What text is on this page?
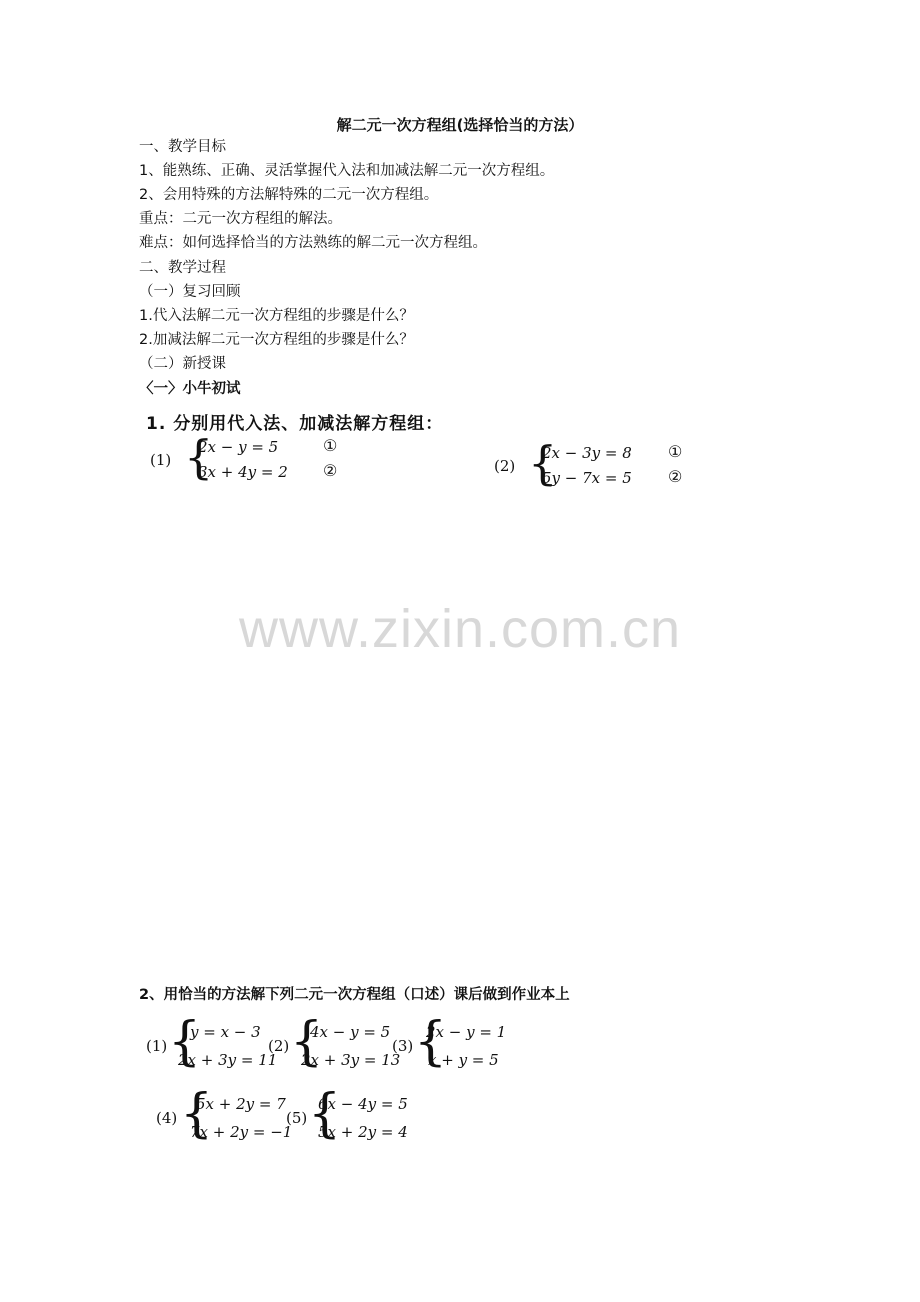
解二元一次方程组(选择恰当的方法）
一、教学目标
1、能熟练、正确、灵活掌握代入法和加减法解二元一次方程组。
2、会用特殊的方法解特殊的二元一次方程组。
重点：二元一次方程组的解法。
难点：如何选择恰当的方法熟练的解二元一次方程组。
二、教学过程
（一）复习回顾
1.代入法解二元一次方程组的步骤是什么？
2.加减法解二元一次方程组的步骤是什么？
（二）新授课
〈一〉小牛初试
1. 分别用代入法、加减法解方程组：
(1) {
2x − y = 5
3x + 4y = 2
①
②	(2) {
2x − 3y = 8
5y − 7x = 5
①
②
www.zixin.com.cn
2、用恰当的方法解下列二元一次方程组（口述）课后做到作业本上
(1) {
y = x − 3
2x + 3y = 11
(2) {
4x − y = 5
2x + 3y = 13
(3) {
2x − y = 1
x + y = 5
(4) {
5x + 2y = 7
7x + 2y = −1
(5) {
6x − 4y = 5
5x + 2y = 4
